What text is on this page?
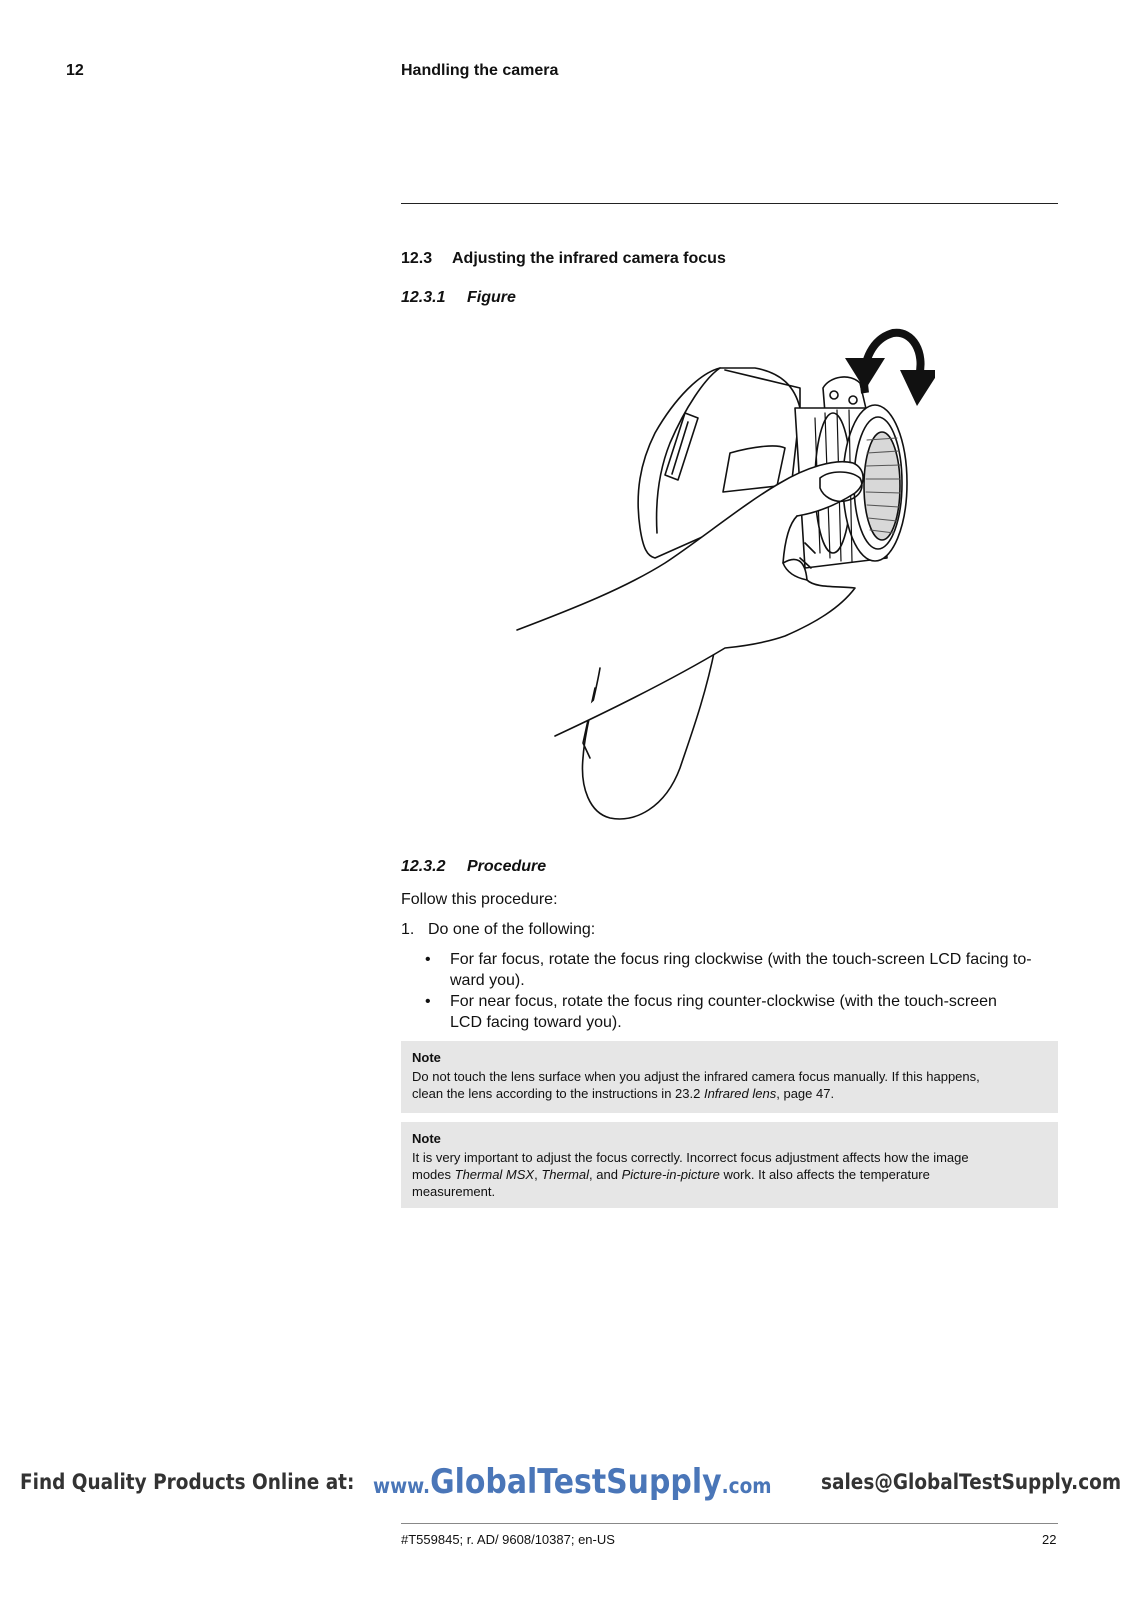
12	Handling the camera
12.3 Adjusting the infrared camera focus
12.3.1 Figure
12.3.2 Procedure
Follow this procedure:
1. Do one of the following:
• For far focus, rotate the focus ring clockwise (with the touch-screen LCD facing to-
ward you).
• For near focus, rotate the focus ring counter-clockwise (with the touch-screen
LCD facing toward you).
Note
Do not touch the lens surface when you adjust the infrared camera focus manually. If this happens,
clean the lens according to the instructions in 23.2 Infrared lens, page 47.
Note
It is very important to adjust the focus correctly. Incorrect focus adjustment affects how the image
modes Thermal MSX, Thermal, and Picture-in-picture work. It also affects the temperature
measurement.
Find Quality Products Online at: www.GlobalTestSupply.com sales@GlobalTestSupply.com
#T559845; r. AD/ 9608/10387; en-US	22
